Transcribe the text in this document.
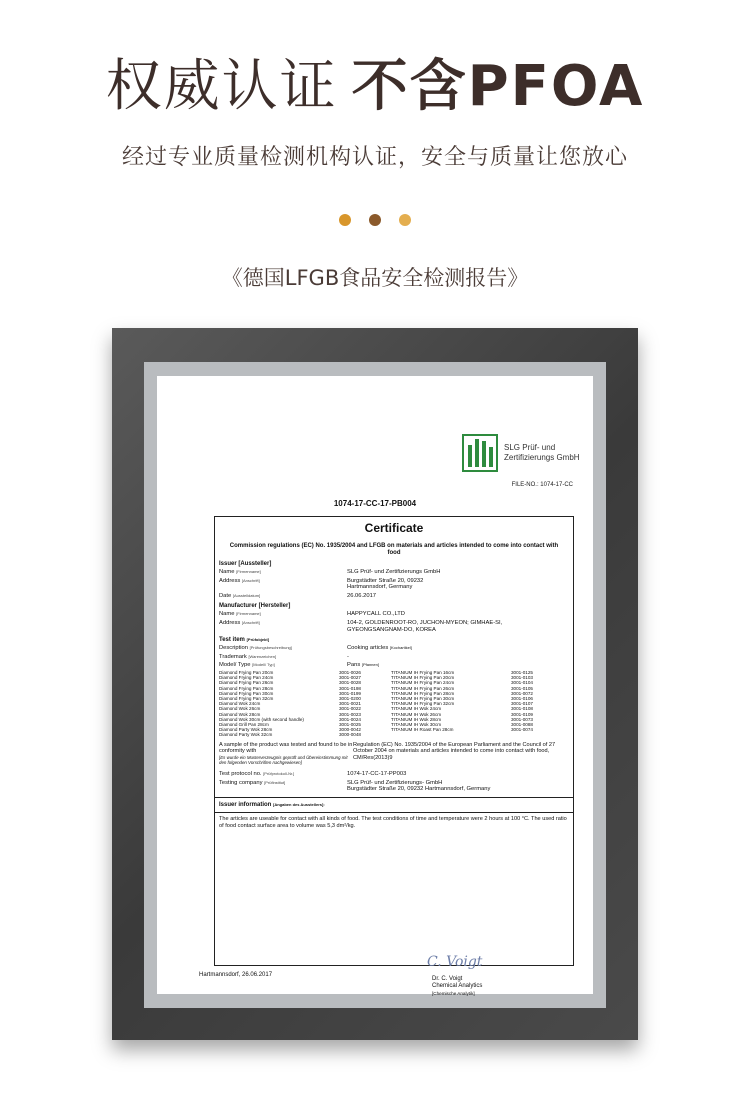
权威认证 不含PFOA
经过专业质量检测机构认证，安全与质量让您放心
《德国LFGB食品安全检测报告》
SLG Prüf- und
Zertifizierungs GmbH
FILE-NO.: 1074-17-CC
1074-17-CC-17-PB004
Certificate
Commission regulations (EC) No. 1935/2004 and LFGB on materials and articles intended to come into contact with food
Issuer [Aussteller]
Name [Firmenname]	SLG Prüf- und Zertifizierungs GmbH
Address [Anschrift]	Burgstädter Straße 20, 09232
Hartmannsdorf, Germany
Date [Ausstelldatum]	26.06.2017
Manufacturer [Hersteller]
Name [Firmenname]	HAPPYCALL CO.,LTD
Address [Anschrift]	104-2, GOLDENROOT-RO, JUCHON-MYEON; GIMHAE-SI,
GYEONGSANGNAM-DO, KOREA
Test item [Prüfobjekt]
Description [Prüfungsbeschreibung]	Cooking articles [Kochartikel]
Trademark [Warenzeichen]	-
Model/ Type [Modell/ Typ]	Pans [Pfannen]
Diamond Frying Pan 20cm	3001-0026	TITANIUM IH Frying Pan 16cm	3001-0125
Diamond Frying Pan 24cm	3001-0027	TITANIUM IH Frying Pan 20cm	3001-0103
Diamond Frying Pan 26cm	3001-0028	TITANIUM IH Frying Pan 24cm	3001-0104
Diamond Frying Pan 28cm	3001-0198	TITANIUM IH Frying Pan 26cm	3001-0105
Diamond Frying Pan 30cm	3001-0199	TITANIUM IH Frying Pan 28cm	3001-0072
Diamond Frying Pan 32cm	3001-0200	TITANIUM IH Frying Pan 30cm	3001-0106
Diamond Wok 24cm	3001-0021	TITANIUM IH Frying Pan 32cm	3001-0107
Diamond Wok 26cm	3001-0022	TITANIUM IH Wok 24cm	3001-0108
Diamond Wok 28cm	3001-0023	TITANIUM IH Wok 26cm	3001-0109
Diamond Wok 30cm (with second handle)	3001-0024	TITANIUM IH Wok 28cm	3001-0073
Diamond Grill Pan 28cm	3001-0025	TITANIUM IH Wok 30cm	3001-0088
Diamond Party Wok 28cm	3000-0042	TITANIUM IH Roast Pan 28cm	3001-0074
Diamond Party Wok 32cm	3000-0048
A sample of the product was tested and found to be in conformity with
[Es wurde ein Musterverzeugnis geprüft und Übereinstimmung mit den folgenden Vorschriften nachgewiesen]
Regulation (EC) No. 1935/2004 of the European Parliament and the Council of 27 October 2004 on materials and articles intended to come into contact with food, CM/Res(2013)9
Test protocol no. [Prüfprotokoll-Nr.]	1074-17-CC-17-PP003
Testing company [Prüfinstitut]	SLG Prüf- und Zertifizierungs- GmbH
Burgstädter Straße 20, 09232 Hartmannsdorf, Germany
Issuer information [Angaben des Ausstellers]:
The articles are useable for contact with all kinds of food. The test conditions of time and temperature were 2 hours at 100 °C. The used ratio of food contact surface area to volume was 5,3 dm²/kg.
Hartmannsdorf, 26.06.2017
C. Voigt
Dr. C. Voigt
Chemical Analytics
[Chemische Analytik]
